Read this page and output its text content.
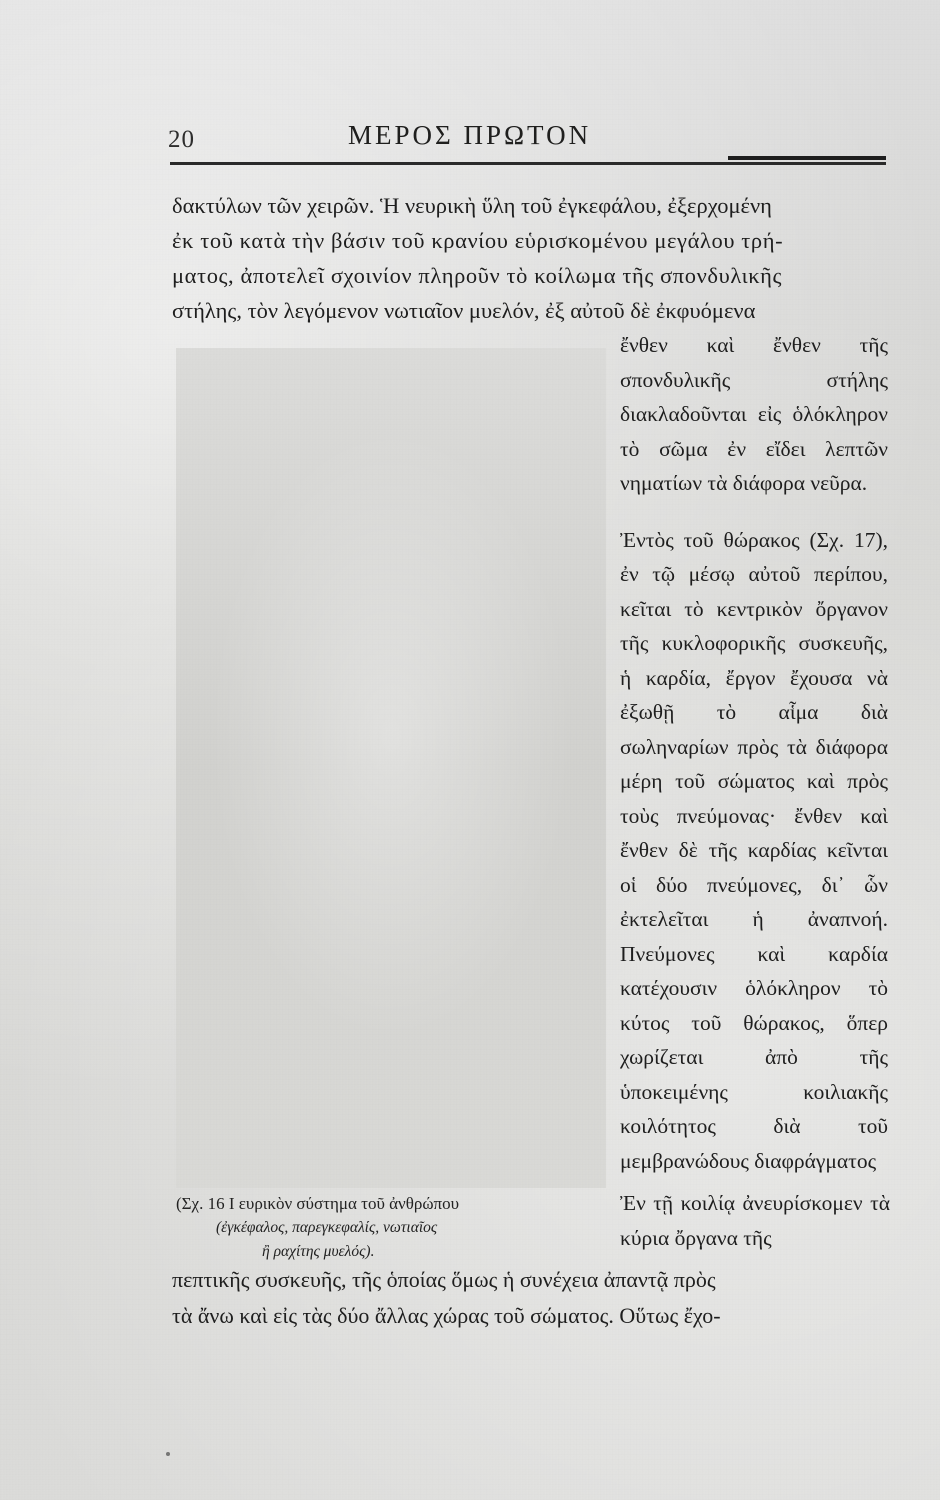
20	ΜΕΡΟΣ ΠΡΩΤΟΝ
δακτύλων τῶν χειρῶν. Ἡ νευρικὴ ὕλη τοῦ ἐγκεφάλου, ἐξερχομένη
ἐκ τοῦ κατὰ τὴν βάσιν τοῦ κρανίου εὑρισκομένου μεγάλου τρή-
ματος, ἀποτελεῖ σχοινίον πληροῦν τὸ κοίλωμα τῆς σπονδυλικῆς
στήλης, τὸν λεγόμενον νωτιαῖον μυελόν, ἐξ αὐτοῦ δὲ ἐκφυόμενα

ἔνθεν καὶ ἔνθεν τῆς σπονδυλικῆς στήλης διακλαδοῦνται εἰς ὁλόκληρον τὸ σῶμα ἐν εἴδει λεπτῶν νηματίων τὰ διάφορα νεῦρα.

Ἐντὸς τοῦ θώρακος (Σχ. 17), ἐν τῷ μέσῳ αὐτοῦ περίπου, κεῖται τὸ κεντρικὸν ὄργανον τῆς κυκλοφορικῆς συσκευῆς, ἡ καρδία, ἔργον ἔχουσα νὰ ἐξωθῇ τὸ αἷμα διὰ σωληναρίων πρὸς τὰ διάφορα μέρη τοῦ σώματος καὶ πρὸς τοὺς πνεύμονας· ἔνθεν καὶ ἔνθεν δὲ τῆς καρδίας κεῖνται οἱ δύο πνεύμονες, δι᾽ ὧν ἐκτελεῖται ἡ ἀναπνοή. Πνεύμονες καὶ καρδία κατέχουσιν ὁλόκληρον τὸ κύτος τοῦ θώρακος, ὅπερ χωρίζεται ἀπὸ τῆς ὑποκειμένης κοιλιακῆς κοιλότητος διὰ τοῦ μεμβρανώδους διαφράγματος

(Σχ. 16 Ι ευρικὸν σύστημα τοῦ ἀνθρώπου
(ἐγκέφαλος, παρεγκεφαλίς, νωτιαῖος
ἢ ραχίτης μυελός).
Ἐν τῇ κοιλίᾳ ἀνευρίσκομεν τὰ κύρια ὄργανα τῆς
πεπτικῆς συσκευῆς, τῆς ὁποίας ὅμως ἡ συνέχεια ἀπαντᾷ πρὸς
τὰ ἄνω καὶ εἰς τὰς δύο ἄλλας χώρας τοῦ σώματος. Οὕτως ἔχο-
